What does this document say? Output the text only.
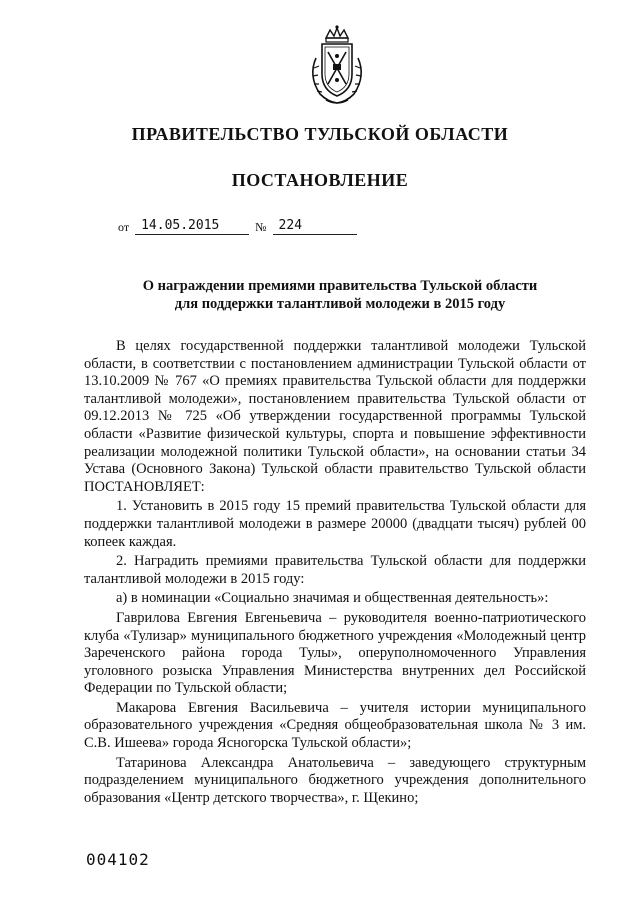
ПРАВИТЕЛЬСТВО ТУЛЬСКОЙ ОБЛАСТИ
ПОСТАНОВЛЕНИЕ
от 14.05.2015	№ 224
О награждении премиями правительства Тульской области
для поддержки талантливой молодежи в 2015 году

В целях государственной поддержки талантливой молодежи Тульской области, в соответствии с постановлением администрации Тульской области от 13.10.2009 № 767 «О премиях правительства Тульской области для поддержки талантливой молодежи», постановлением правительства Тульской области от 09.12.2013 № 725 «Об утверждении государственной программы Тульской области «Развитие физической культуры, спорта и повышение эффективности реализации молодежной политики Тульской области», на основании статьи 34 Устава (Основного Закона) Тульской области правительство Тульской области ПОСТАНОВЛЯЕТ:

1. Установить в 2015 году 15 премий правительства Тульской области для поддержки талантливой молодежи в размере 20000 (двадцати тысяч) рублей 00 копеек каждая.

2. Наградить премиями правительства Тульской области для поддержки талантливой молодежи в 2015 году:

а) в номинации «Социально значимая и общественная деятельность»:

Гаврилова Евгения Евгеньевича – руководителя военно-патриотического клуба «Тулизар» муниципального бюджетного учреждения «Молодежный центр Зареченского района города Тулы», оперуполномоченного Управления уголовного розыска Управления Министерства внутренних дел Российской Федерации по Тульской области;

Макарова Евгения Васильевича – учителя истории муниципального образовательного учреждения «Средняя общеобразовательная школа № 3 им. С.В. Ишеева» города Ясногорска Тульской области»;

Татаринова Александра Анатольевича – заведующего структурным подразделением муниципального бюджетного учреждения дополнительного образования «Центр детского творчества», г. Щекино;

004102
